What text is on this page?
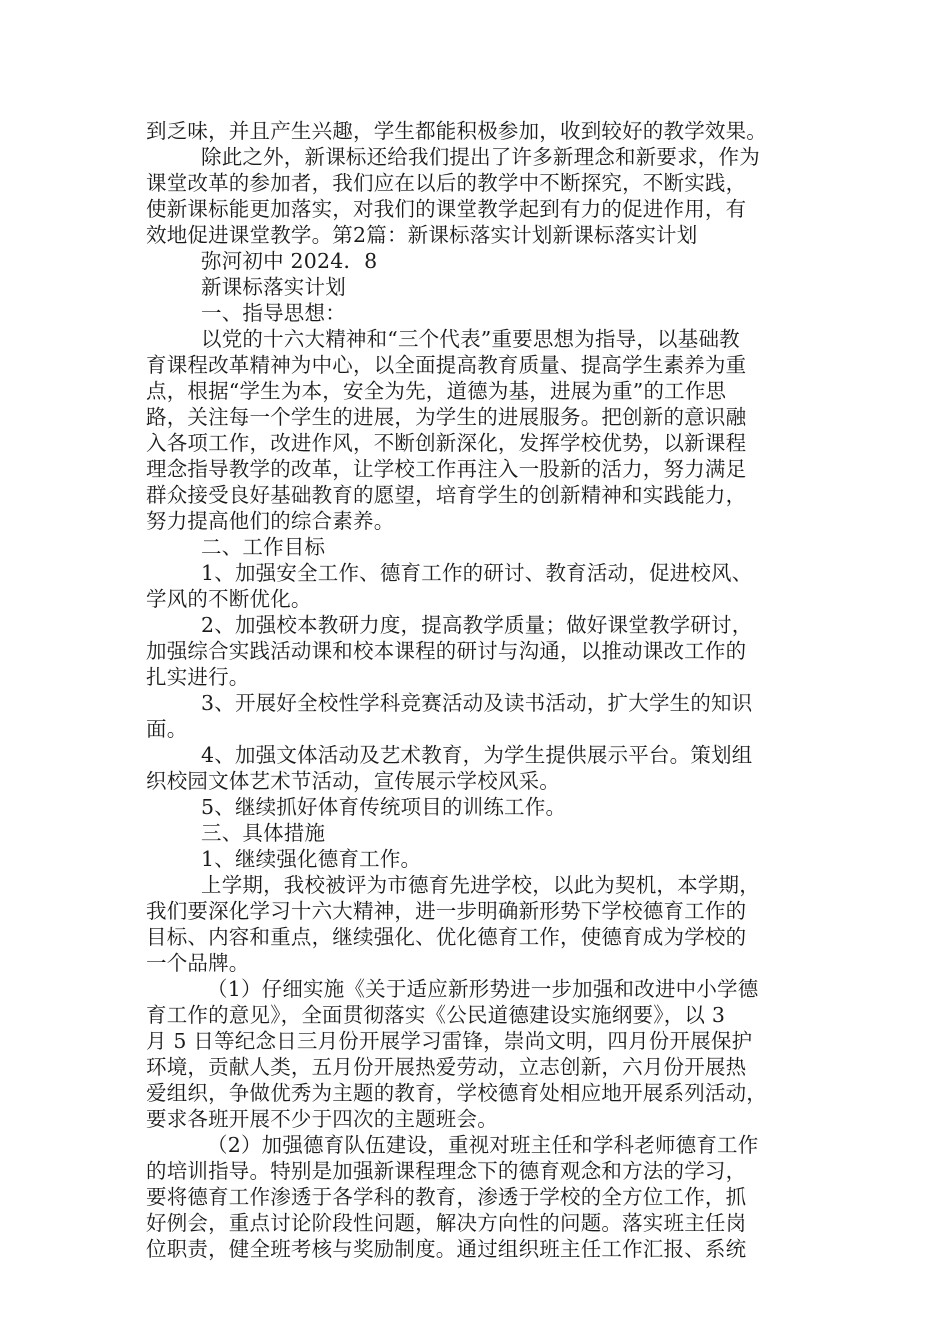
到乏味，并且产生兴趣，学生都能积极参加，收到较好的教学效果。
除此之外，新课标还给我们提出了许多新理念和新要求，作为
课堂改革的参加者，我们应在以后的教学中不断探究，不断实践，
使新课标能更加落实，对我们的课堂教学起到有力的促进作用，有
效地促进课堂教学。第2篇：新课标落实计划新课标落实计划
弥河初中 2024．8
新课标落实计划
一、指导思想：
以党的十六大精神和“三个代表”重要思想为指导，以基础教
育课程改革精神为中心，以全面提高教育质量、提高学生素养为重
点，根据“学生为本，安全为先，道德为基，进展为重”的工作思
路，关注每一个学生的进展，为学生的进展服务。把创新的意识融
入各项工作，改进作风，不断创新深化，发挥学校优势，以新课程
理念指导教学的改革，让学校工作再注入一股新的活力，努力满足
群众接受良好基础教育的愿望，培育学生的创新精神和实践能力，
努力提高他们的综合素养。
二、工作目标
1、加强安全工作、德育工作的研讨、教育活动，促进校风、
学风的不断优化。
2、加强校本教研力度，提高教学质量；做好课堂教学研讨，
加强综合实践活动课和校本课程的研讨与沟通，以推动课改工作的
扎实进行。
3、开展好全校性学科竞赛活动及读书活动，扩大学生的知识
面。
4、加强文体活动及艺术教育，为学生提供展示平台。策划组
织校园文体艺术节活动，宣传展示学校风采。
5、继续抓好体育传统项目的训练工作。
三、具体措施
1、继续强化德育工作。
上学期，我校被评为市德育先进学校，以此为契机，本学期，
我们要深化学习十六大精神，进一步明确新形势下学校德育工作的
目标、内容和重点，继续强化、优化德育工作，使德育成为学校的
一个品牌。
（1）仔细实施《关于适应新形势进一步加强和改进中小学德
育工作的意见》，全面贯彻落实《公民道德建设实施纲要》，以 3
月 5 日等纪念日三月份开展学习雷锋，崇尚文明，四月份开展保护
环境，贡献人类，五月份开展热爱劳动，立志创新，六月份开展热
爱组织，争做优秀为主题的教育，学校德育处相应地开展系列活动，
要求各班开展不少于四次的主题班会。
（2）加强德育队伍建设，重视对班主任和学科老师德育工作
的培训指导。特别是加强新课程理念下的德育观念和方法的学习，
要将德育工作渗透于各学科的教育，渗透于学校的全方位工作，抓
好例会，重点讨论阶段性问题，解决方向性的问题。落实班主任岗
位职责，健全班考核与奖励制度。通过组织班主任工作汇报、系统
